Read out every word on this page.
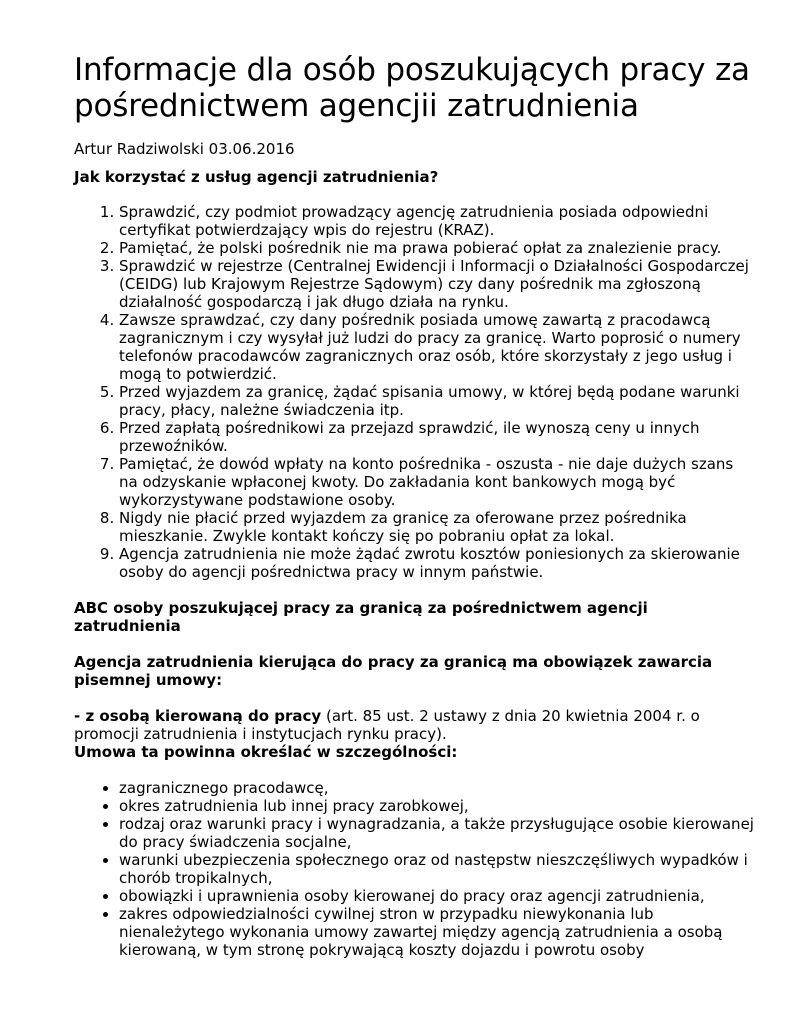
Informacje dla osób poszukujących pracy za pośrednictwem agencjii zatrudnienia

Artur Radziwolski 03.06.2016

Jak korzystać z usług agencji zatrudnienia?

1. Sprawdzić, czy podmiot prowadzący agencję zatrudnienia posiada odpowiedni certyfikat potwierdzający wpis do rejestru (KRAZ).
2. Pamiętać, że polski pośrednik nie ma prawa pobierać opłat za znalezienie pracy.
3. Sprawdzić w rejestrze (Centralnej Ewidencji i Informacji o Działalności Gospodarczej (CEIDG) lub Krajowym Rejestrze Sądowym) czy dany pośrednik ma zgłoszoną działalność gospodarczą i jak długo działa na rynku.
4. Zawsze sprawdzać, czy dany pośrednik posiada umowę zawartą z pracodawcą zagranicznym i czy wysyłał już ludzi do pracy za granicę. Warto poprosić o numery telefonów pracodawców zagranicznych oraz osób, które skorzystały z jego usług i mogą to potwierdzić.
5. Przed wyjazdem za granicę, żądać spisania umowy, w której będą podane warunki pracy, płacy, należne świadczenia itp.
6. Przed zapłatą pośrednikowi za przejazd sprawdzić, ile wynoszą ceny u innych przewoźników.
7. Pamiętać, że dowód wpłaty na konto pośrednika - oszusta - nie daje dużych szans na odzyskanie wpłaconej kwoty. Do zakładania kont bankowych mogą być wykorzystywane podstawione osoby.
8. Nigdy nie płacić przed wyjazdem za granicę za oferowane przez pośrednika mieszkanie. Zwykle kontakt kończy się po pobraniu opłat za lokal.
9. Agencja zatrudnienia nie może żądać zwrotu kosztów poniesionych za skierowanie osoby do agencji pośrednictwa pracy w innym państwie.

ABC osoby poszukującej pracy za granicą za pośrednictwem agencji zatrudnienia

Agencja zatrudnienia kierująca do pracy za granicą ma obowiązek zawarcia pisemnej umowy:

- z osobą kierowaną do pracy (art. 85 ust. 2 ustawy z dnia 20 kwietnia 2004 r. o promocji zatrudnienia i instytucjach rynku pracy).

Umowa ta powinna określać w szczególności:

• zagranicznego pracodawcę,
• okres zatrudnienia lub innej pracy zarobkowej,
• rodzaj oraz warunki pracy i wynagradzania, a także przysługujące osobie kierowanej do pracy świadczenia socjalne,
• warunki ubezpieczenia społecznego oraz od następstw nieszczęśliwych wypadków i chorób tropikalnych,
• obowiązki i uprawnienia osoby kierowanej do pracy oraz agencji zatrudnienia,
• zakres odpowiedzialności cywilnej stron w przypadku niewykonania lub nienależytego wykonania umowy zawartej między agencją zatrudnienia a osobą kierowaną, w tym stronę pokrywającą koszty dojazdu i powrotu osoby
